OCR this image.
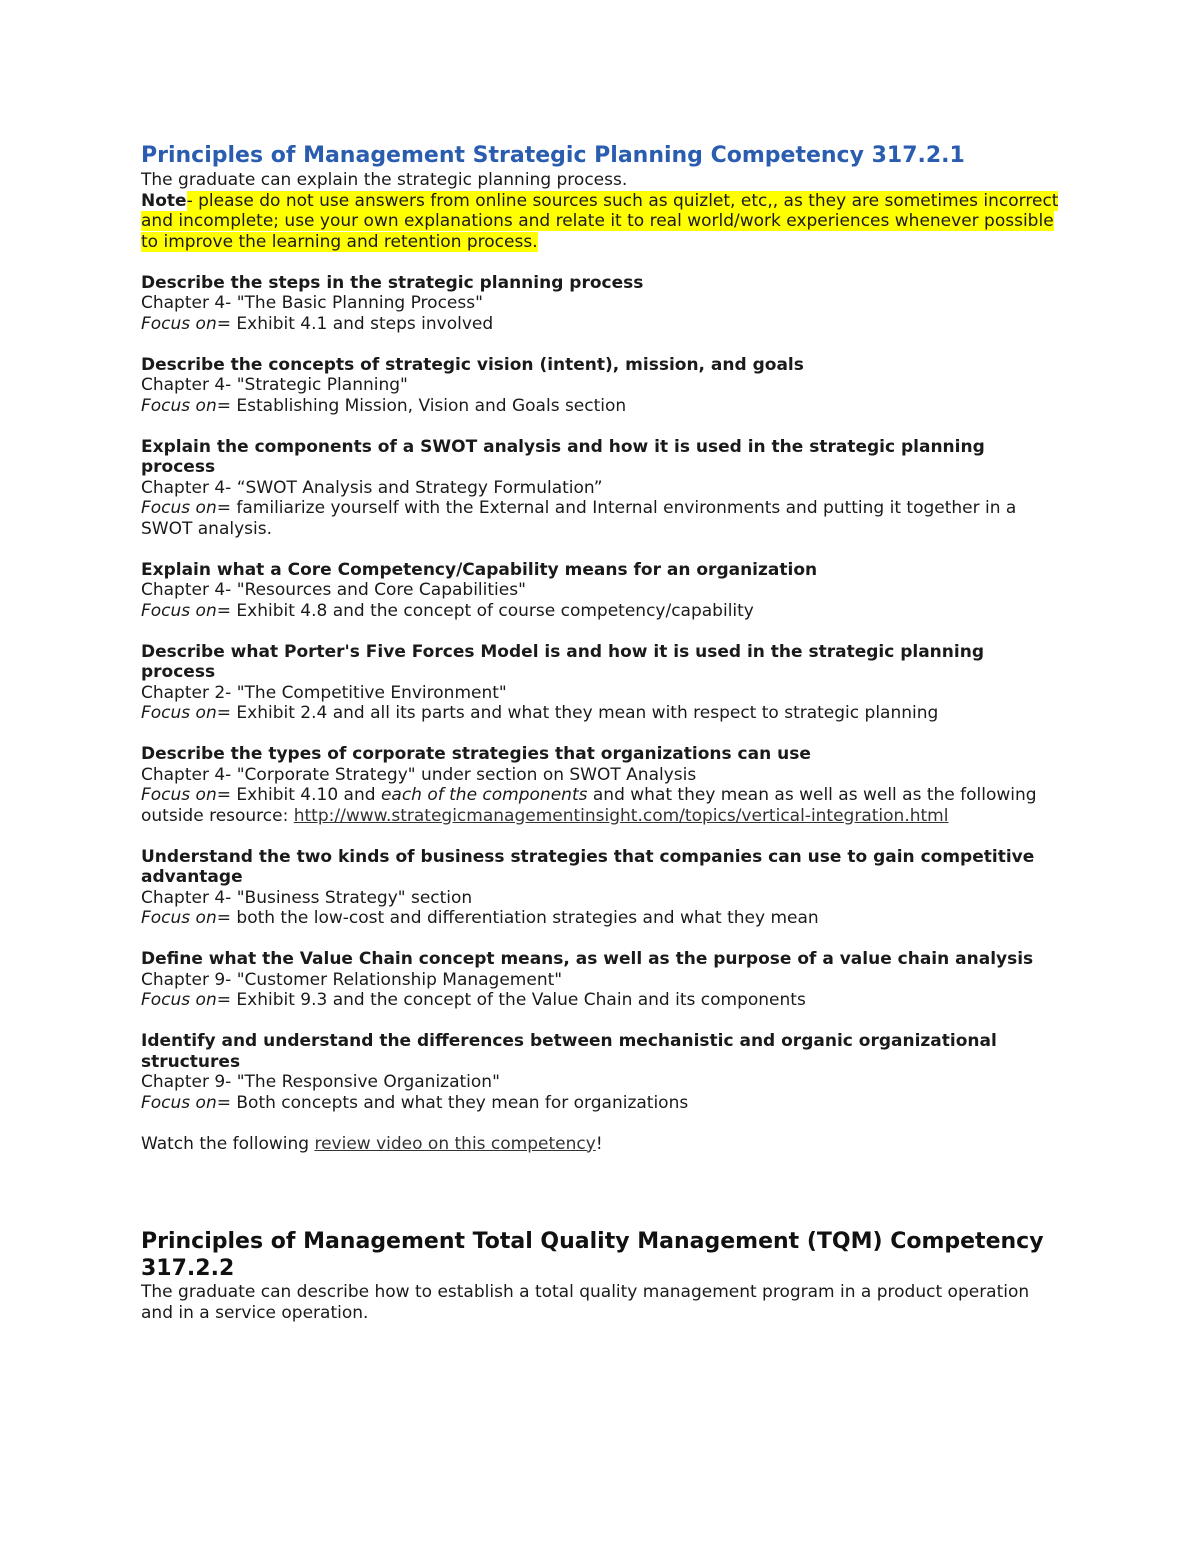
Principles of Management Strategic Planning Competency 317.2.1

The graduate can explain the strategic planning process.

Note- please do not use answers from online sources such as quizlet, etc,, as they are sometimes incorrect and incomplete; use your own explanations and relate it to real world/work experiences whenever possible to improve the learning and retention process.

Describe the steps in the strategic planning process

Chapter 4- "The Basic Planning Process"

Focus on= Exhibit 4.1 and steps involved

Describe the concepts of strategic vision (intent), mission, and goals

Chapter 4- "Strategic Planning"

Focus on= Establishing Mission, Vision and Goals section

Explain the components of a SWOT analysis and how it is used in the strategic planning process

Chapter 4- “SWOT Analysis and Strategy Formulation”

Focus on= familiarize yourself with the External and Internal environments and putting it together in a SWOT analysis.

Explain what a Core Competency/Capability means for an organization

Chapter 4- "Resources and Core Capabilities"

Focus on= Exhibit 4.8 and the concept of course competency/capability

Describe what Porter's Five Forces Model is and how it is used in the strategic planning process

Chapter 2- "The Competitive Environment"

Focus on= Exhibit 2.4 and all its parts and what they mean with respect to strategic planning

Describe the types of corporate strategies that organizations can use

Chapter 4- "Corporate Strategy" under section on SWOT Analysis

Focus on= Exhibit 4.10 and each of the components and what they mean as well as well as the following outside resource: http://www.strategicmanagementinsight.com/topics/vertical-integration.html

Understand the two kinds of business strategies that companies can use to gain competitive advantage

Chapter 4- "Business Strategy" section

Focus on= both the low-cost and differentiation strategies and what they mean

Define what the Value Chain concept means, as well as the purpose of a value chain analysis

Chapter 9- "Customer Relationship Management"

Focus on= Exhibit 9.3 and the concept of the Value Chain and its components

Identify and understand the differences between mechanistic and organic organizational structures

Chapter 9- "The Responsive Organization"

Focus on= Both concepts and what they mean for organizations

Watch the following review video on this competency!

Principles of Management Total Quality Management (TQM) Competency 317.2.2

The graduate can describe how to establish a total quality management program in a product operation and in a service operation.
